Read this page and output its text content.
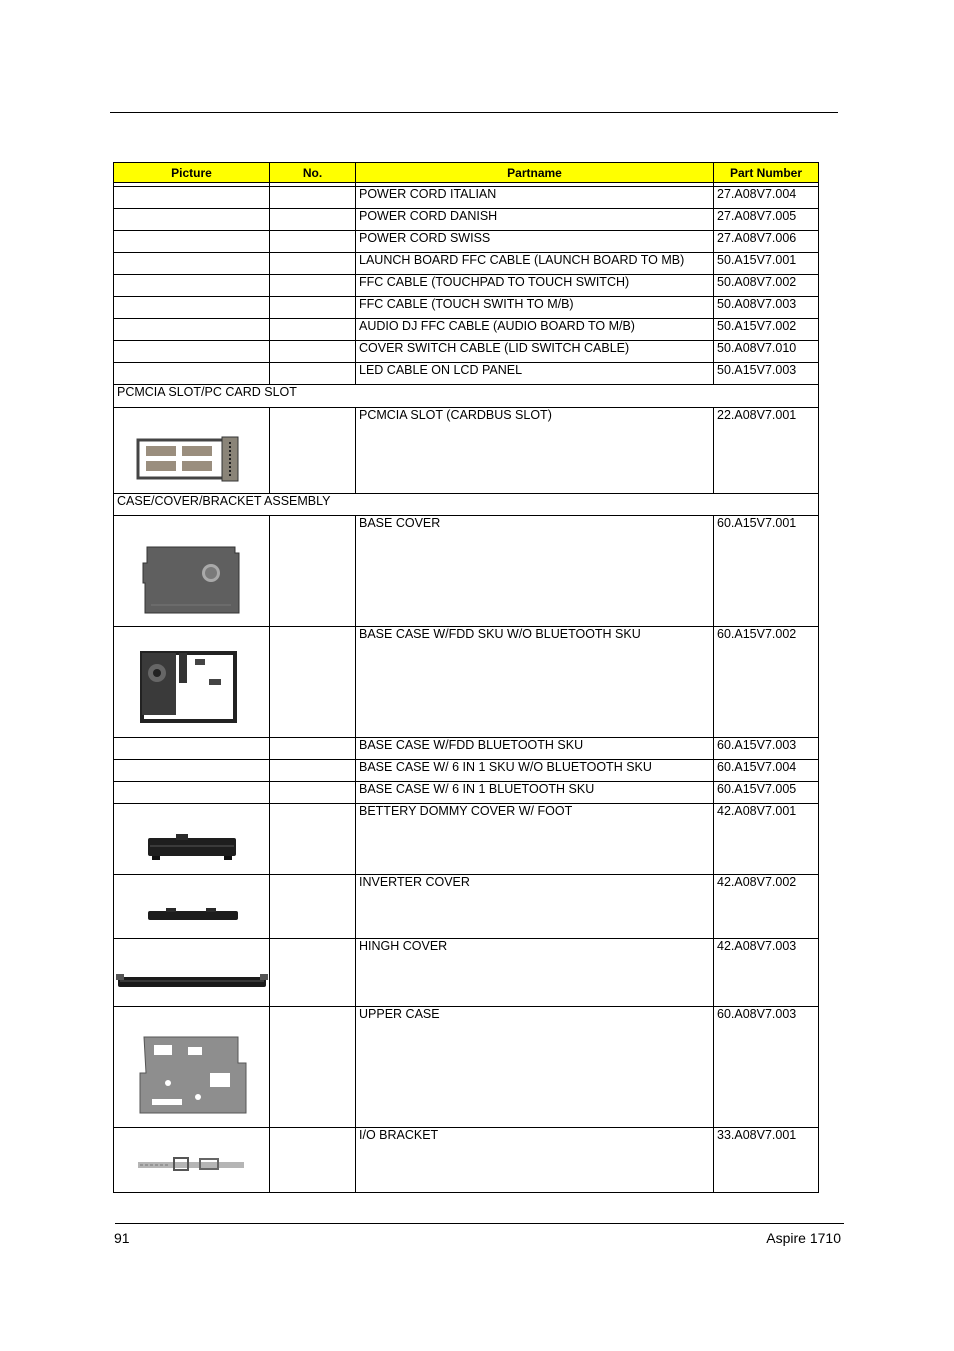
Picture	No.	Partname	Part Number

		POWER CORD ITALIAN	27.A08V7.004
		POWER CORD DANISH	27.A08V7.005
		POWER CORD SWISS	27.A08V7.006
		LAUNCH BOARD FFC CABLE (LAUNCH BOARD TO MB)	50.A15V7.001
		FFC CABLE (TOUCHPAD TO TOUCH SWITCH)	50.A08V7.002
		FFC CABLE (TOUCH SWITH TO M/B)	50.A08V7.003
		AUDIO DJ FFC CABLE (AUDIO BOARD TO M/B)	50.A15V7.002
		COVER SWITCH CABLE (LID SWITCH CABLE)	50.A08V7.010
		LED CABLE ON LCD PANEL	50.A15V7.003
PCMCIA SLOT/PC CARD SLOT			

		PCMCIA SLOT (CARDBUS SLOT)	22.A08V7.001
CASE/COVER/BRACKET ASSEMBLY			

		BASE COVER	60.A15V7.001

		BASE CASE W/FDD SKU W/O BLUETOOTH SKU	60.A15V7.002
		BASE CASE W/FDD BLUETOOTH SKU	60.A15V7.003
		BASE CASE W/ 6 IN 1 SKU W/O BLUETOOTH SKU	60.A15V7.004
		BASE CASE W/ 6 IN 1 BLUETOOTH SKU	60.A15V7.005

		BETTERY DOMMY COVER W/ FOOT	42.A08V7.001

		INVERTER COVER	42.A08V7.002

		HINGH COVER	42.A08V7.003

		UPPER CASE	60.A08V7.003

		I/O BRACKET	33.A08V7.001
91	Aspire 1710
